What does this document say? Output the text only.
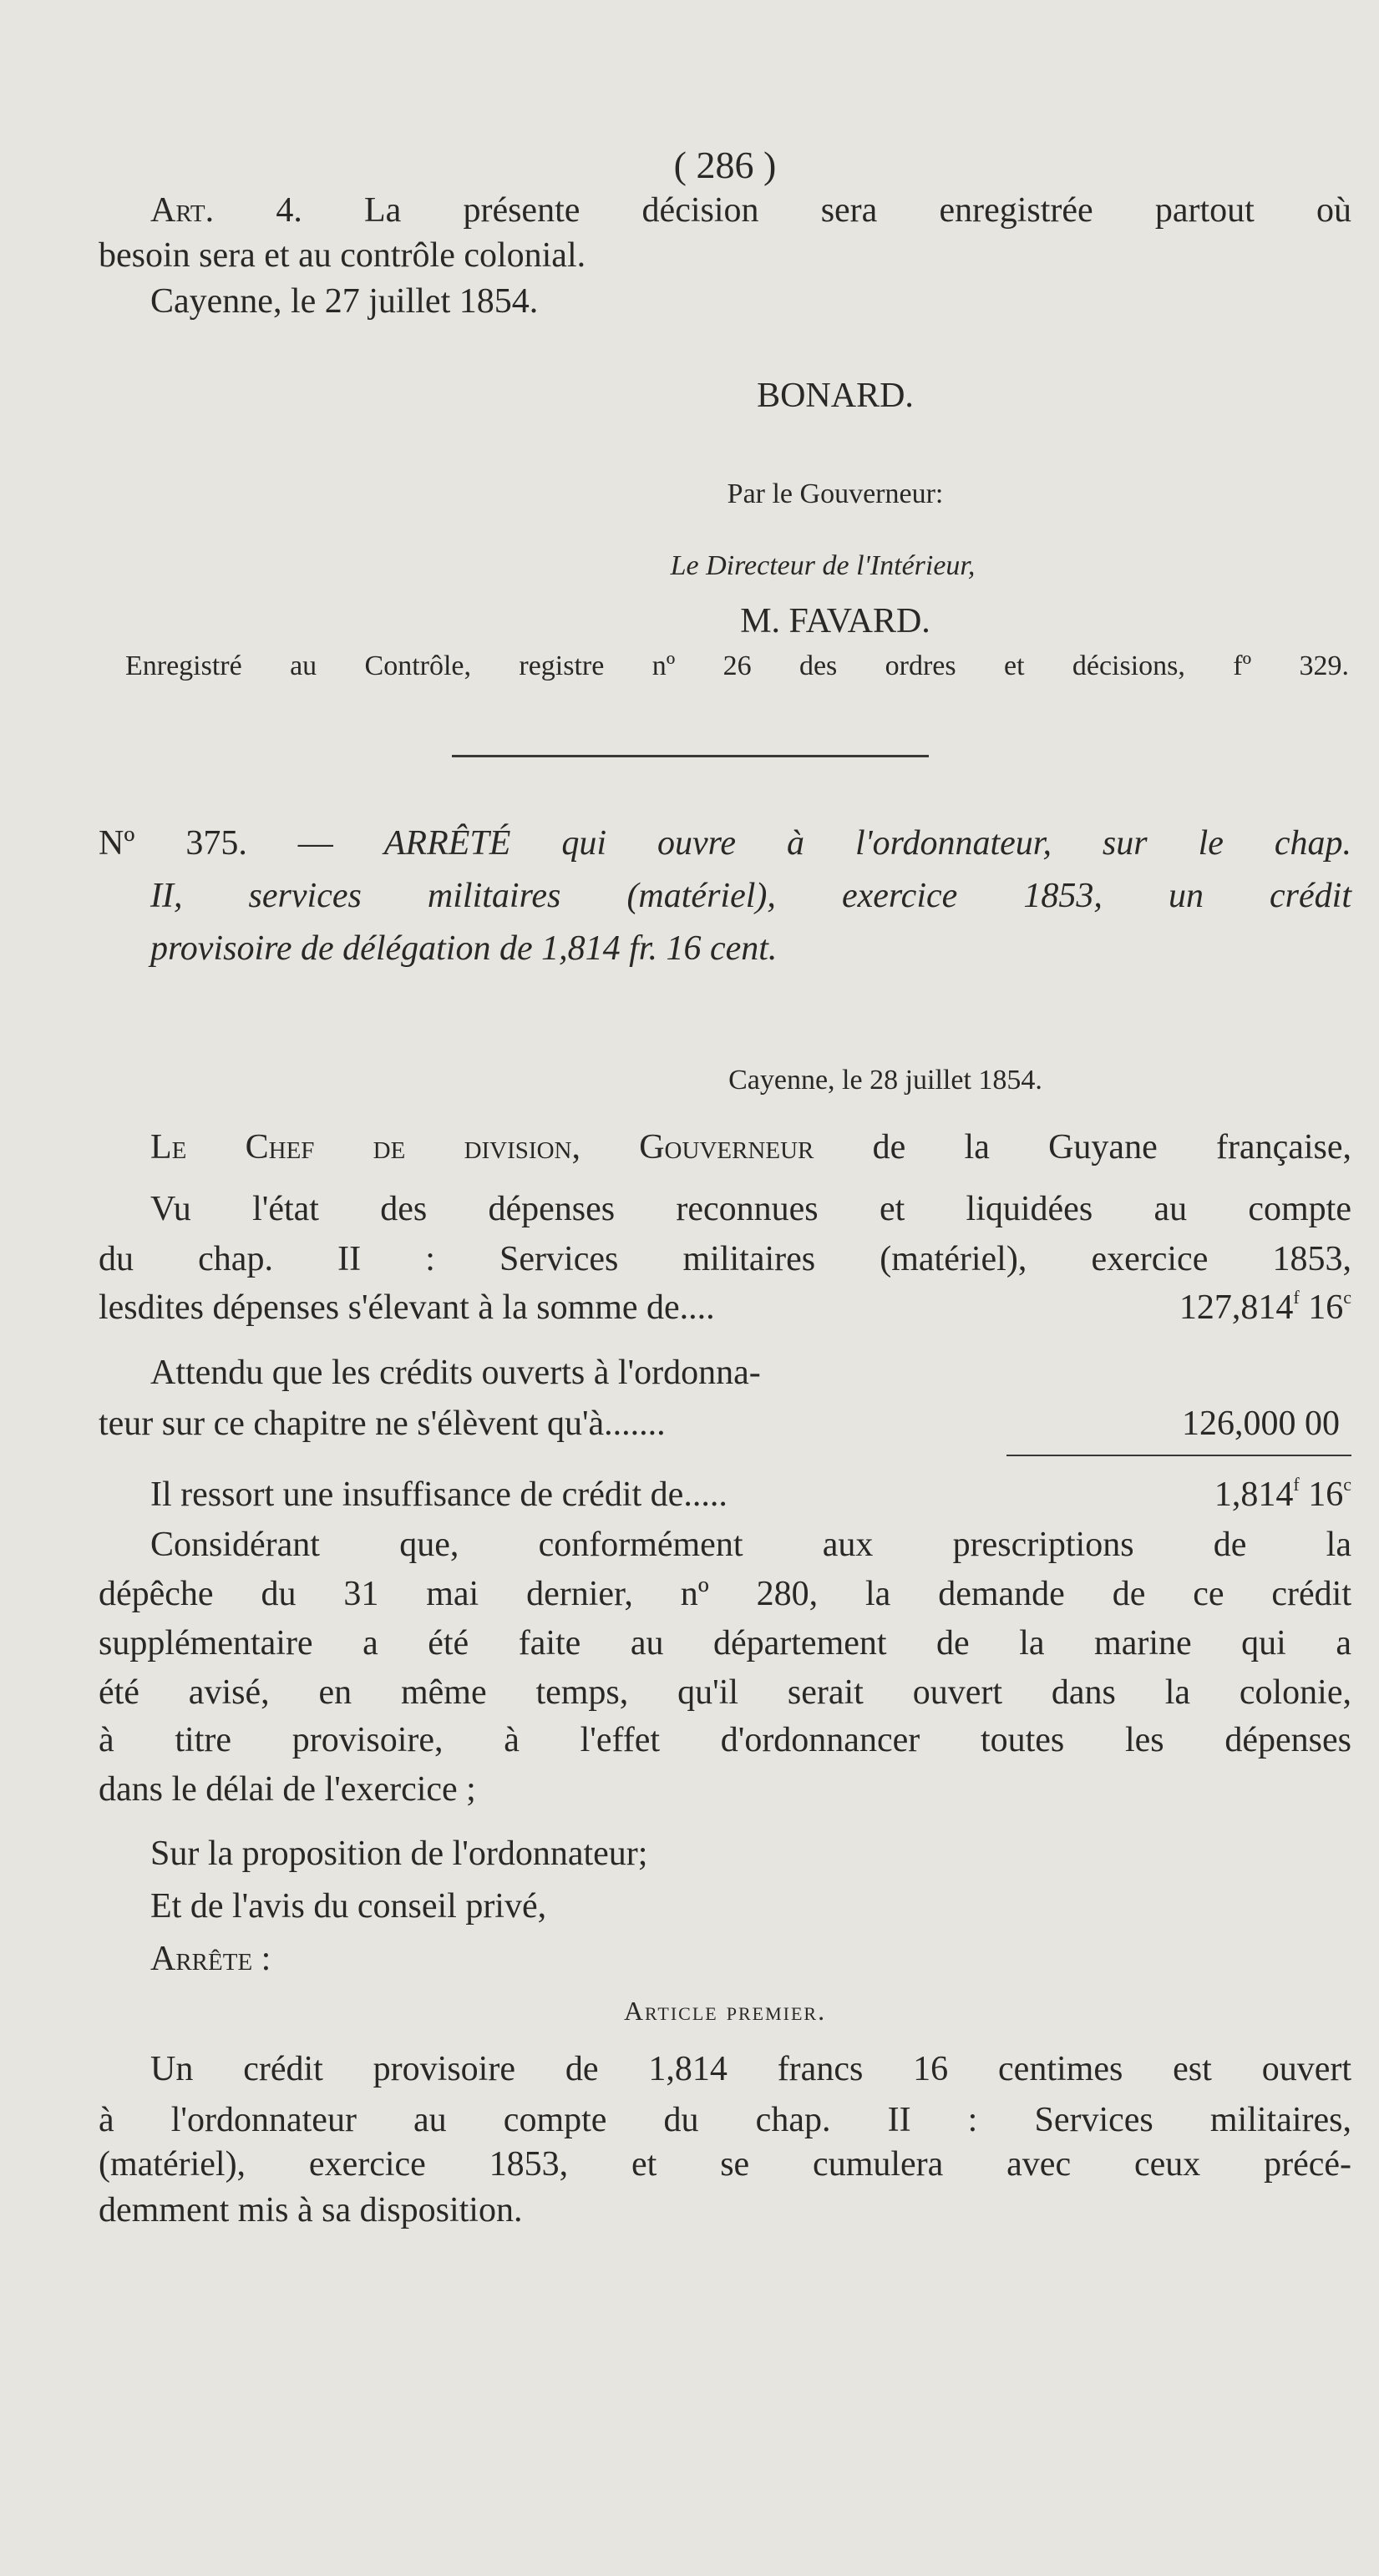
( 286 )
Art. 4. La présente décision sera enregistrée partout où
besoin sera et au contrôle colonial.
Cayenne, le 27 juillet 1854.
BONARD.
Par le Gouverneur:
Le Directeur de l'Intérieur,
M. FAVARD.
Enregistré au Contrôle, registre nº 26 des ordres et décisions, fº 329.
Nº 375. — ARRÊTÉ qui ouvre à l'ordonnateur, sur le chap.
II, services militaires (matériel), exercice 1853, un crédit
provisoire de délégation de 1,814 fr. 16 cent.
Cayenne, le 28 juillet 1854.
Le Chef de division, Gouverneur de la Guyane française,
Vu l'état des dépenses reconnues et liquidées au compte
du chap. II : Services militaires (matériel), exercice 1853,
lesdites dépenses s'élevant à la somme de....	127,814$^f$ 16$^c$
Attendu que les crédits ouverts à l'ordonna-
teur sur ce chapitre ne s'élèvent qu'à.......	126,000 00
Il ressort une insuffisance de crédit de.....	1,814$^f$ 16$^c$
Considérant que, conformément aux prescriptions de la
dépêche du 31 mai dernier, nº 280, la demande de ce crédit
supplémentaire a été faite au département de la marine qui a
été avisé, en même temps, qu'il serait ouvert dans la colonie,
à titre provisoire, à l'effet d'ordonnancer toutes les dépenses
dans le délai de l'exercice ;
Sur la proposition de l'ordonnateur;
Et de l'avis du conseil privé,
Arrête :
Article premier.
Un crédit provisoire de 1,814 francs 16 centimes est ouvert
à l'ordonnateur au compte du chap. II : Services militaires,
(matériel), exercice 1853, et se cumulera avec ceux précé-
demment mis à sa disposition.
